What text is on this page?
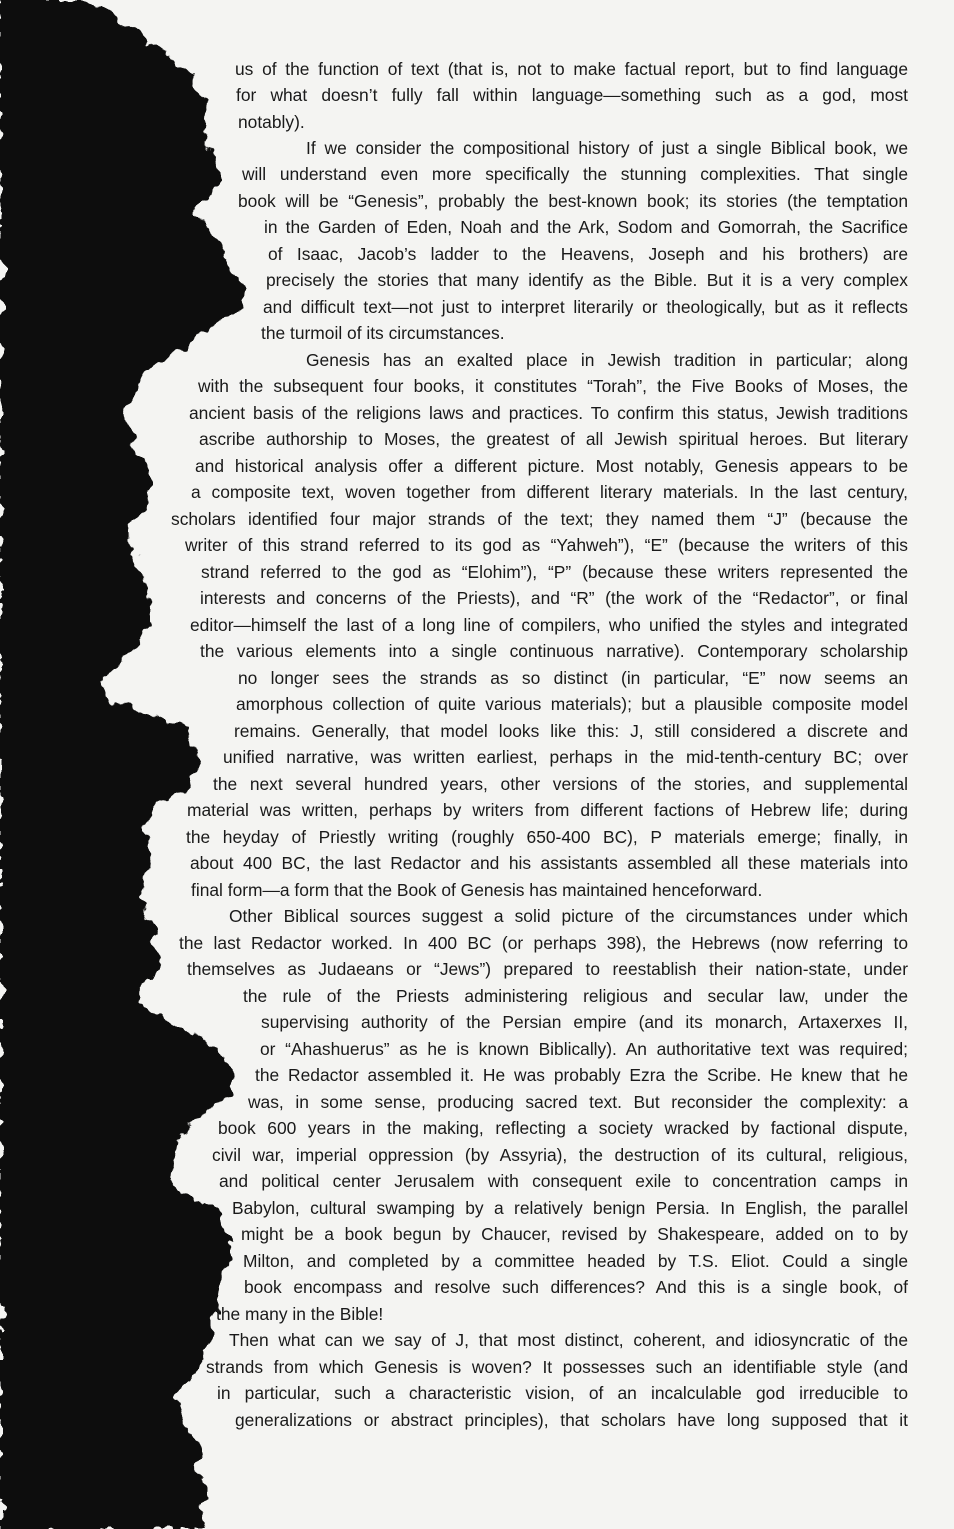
us of the function of text (that is, not to make factual report, but to find language
for what doesn’t fully fall within language—something such as a god, most
notably).
If we consider the compositional history of just a single Biblical book, we
will understand even more specifically the stunning complexities. That single
book will be “Genesis”, probably the best-known book; its stories (the temptation
in the Garden of Eden, Noah and the Ark, Sodom and Gomorrah, the Sacrifice
of Isaac, Jacob’s ladder to the Heavens, Joseph and his brothers) are
precisely the stories that many identify as the Bible. But it is a very complex
and difficult text—not just to interpret literarily or theologically, but as it reflects
the turmoil of its circumstances.
Genesis has an exalted place in Jewish tradition in particular; along
with the subsequent four books, it constitutes “Torah”, the Five Books of Moses, the
ancient basis of the religions laws and practices. To confirm this status, Jewish traditions
ascribe authorship to Moses, the greatest of all Jewish spiritual heroes. But literary
and historical analysis offer a different picture. Most notably, Genesis appears to be
a composite text, woven together from different literary materials. In the last century,
scholars identified four major strands of the text; they named them “J” (because the
writer of this strand referred to its god as “Yahweh”), “E” (because the writers of this
strand referred to the god as “Elohim”), “P” (because these writers represented the
interests and concerns of the Priests), and “R” (the work of the “Redactor”, or final
editor—himself the last of a long line of compilers, who unified the styles and integrated
the various elements into a single continuous narrative). Contemporary scholarship
no longer sees the strands as so distinct (in particular, “E” now seems an
amorphous collection of quite various materials); but a plausible composite model
remains. Generally, that model looks like this: J, still considered a discrete and
unified narrative, was written earliest, perhaps in the mid-tenth-century BC; over
the next several hundred years, other versions of the stories, and supplemental
material was written, perhaps by writers from different factions of Hebrew life; during
the heyday of Priestly writing (roughly 650-400 BC), P materials emerge; finally, in
about 400 BC, the last Redactor and his assistants assembled all these materials into
final form—a form that the Book of Genesis has maintained henceforward.
Other Biblical sources suggest a solid picture of the circumstances under which
the last Redactor worked. In 400 BC (or perhaps 398), the Hebrews (now referring to
themselves as Judaeans or “Jews”) prepared to reestablish their nation-state, under
the rule of the Priests administering religious and secular law, under the
supervising authority of the Persian empire (and its monarch, Artaxerxes II,
or “Ahashuerus” as he is known Biblically). An authoritative text was required;
the Redactor assembled it. He was probably Ezra the Scribe. He knew that he
was, in some sense, producing sacred text. But reconsider the complexity: a
book 600 years in the making, reflecting a society wracked by factional dispute,
civil war, imperial oppression (by Assyria), the destruction of its cultural, religious,
and political center Jerusalem with consequent exile to concentration camps in
Babylon, cultural swamping by a relatively benign Persia. In English, the parallel
might be a book begun by Chaucer, revised by Shakespeare, added on to by
Milton, and completed by a committee headed by T.S. Eliot. Could a single
book encompass and resolve such differences? And this is a single book, of
the many in the Bible!
Then what can we say of J, that most distinct, coherent, and idiosyncratic of the
strands from which Genesis is woven? It possesses such an identifiable style (and
in particular, such a characteristic vision, of an incalculable god irreducible to
generalizations or abstract principles), that scholars have long supposed that it
